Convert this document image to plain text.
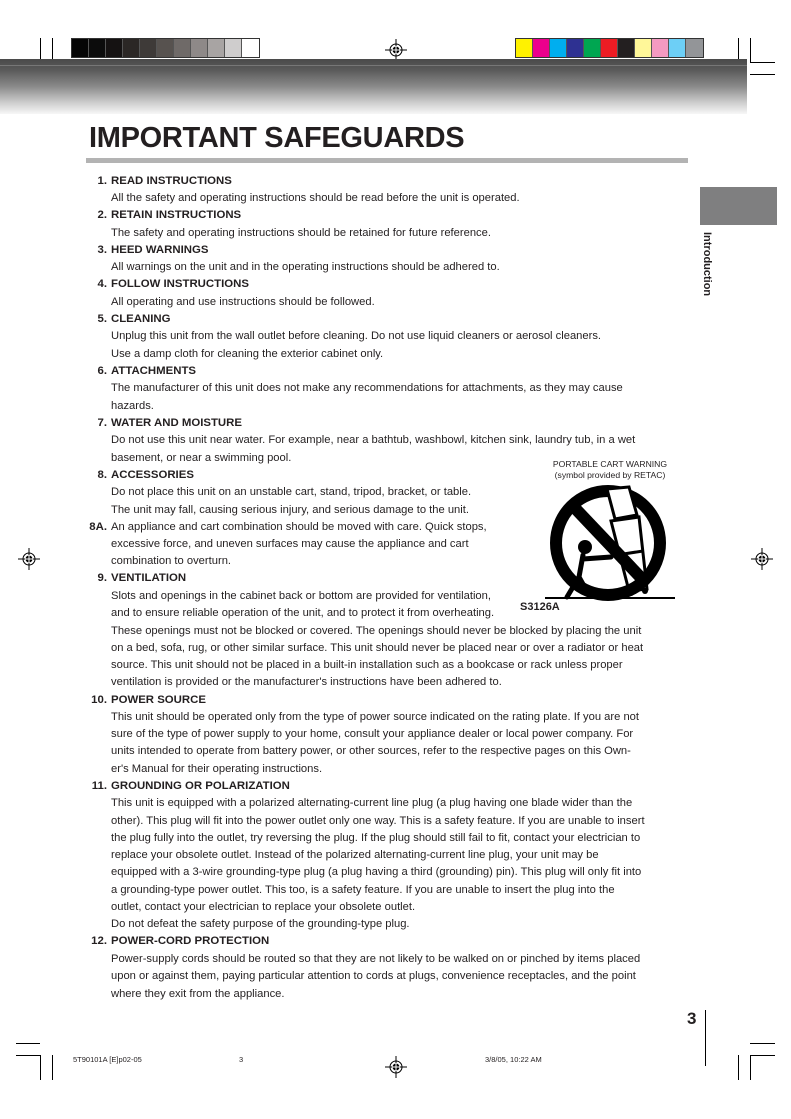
IMPORTANT SAFEGUARDS
Introduction
1. READ INSTRUCTIONS
All the safety and operating instructions should be read before the unit is operated.
2. RETAIN INSTRUCTIONS
The safety and operating instructions should be retained for future reference.
3. HEED WARNINGS
All warnings on the unit and in the operating instructions should be adhered to.
4. FOLLOW INSTRUCTIONS
All operating and use instructions should be followed.
5. CLEANING
Unplug this unit from the wall outlet before cleaning. Do not use liquid cleaners or aerosol cleaners.
Use a damp cloth for cleaning the exterior cabinet only.
6. ATTACHMENTS
The manufacturer of this unit does not make any recommendations for attachments, as they may cause
hazards.
7. WATER AND MOISTURE
Do not use this unit near water. For example, near a bathtub, washbowl, kitchen sink, laundry tub, in a wet
basement, or near a swimming pool.
8. ACCESSORIES
Do not place this unit on an unstable cart, stand, tripod, bracket, or table.
The unit may fall, causing serious injury, and serious damage to the unit.
8A. An appliance and cart combination should be moved with care. Quick stops,
excessive force, and uneven surfaces may cause the appliance and cart
combination to overturn.
9. VENTILATION
Slots and openings in the cabinet back or bottom are provided for ventilation,
and to ensure reliable operation of the unit, and to protect it from overheating.
These openings must not be blocked or covered. The openings should never be blocked by placing the unit
on a bed, sofa, rug, or other similar surface. This unit should never be placed near or over a radiator or heat
source. This unit should not be placed in a built-in installation such as a bookcase or rack unless proper
ventilation is provided or the manufacturer's instructions have been adhered to.
10. POWER SOURCE
This unit should be operated only from the type of power source indicated on the rating plate. If you are not
sure of the type of power supply to your home, consult your appliance dealer or local power company. For
units intended to operate from battery power, or other sources, refer to the respective pages on this Own-
er's Manual for their operating instructions.
11. GROUNDING OR POLARIZATION
This unit is equipped with a polarized alternating-current line plug (a plug having one blade wider than the
other). This plug will fit into the power outlet only one way. This is a safety feature. If you are unable to insert
the plug fully into the outlet, try reversing the plug. If the plug should still fail to fit, contact your electrician to
replace your obsolete outlet. Instead of the polarized alternating-current line plug, your unit may be
equipped with a 3-wire grounding-type plug (a plug having a third (grounding) pin). This plug will only fit into
a grounding-type power outlet. This too, is a safety feature. If you are unable to insert the plug into the
outlet, contact your electrician to replace your obsolete outlet.
Do not defeat the safety purpose of the grounding-type plug.
12. POWER-CORD PROTECTION
Power-supply cords should be routed so that they are not likely to be walked on or pinched by items placed
upon or against them, paying particular attention to cords at plugs, convenience receptacles, and the point
where they exit from the appliance.
PORTABLE CART WARNING
(symbol provided by RETAC)
S3126A
3
5T90101A [E]p02-05	3	3/8/05, 10:22 AM
